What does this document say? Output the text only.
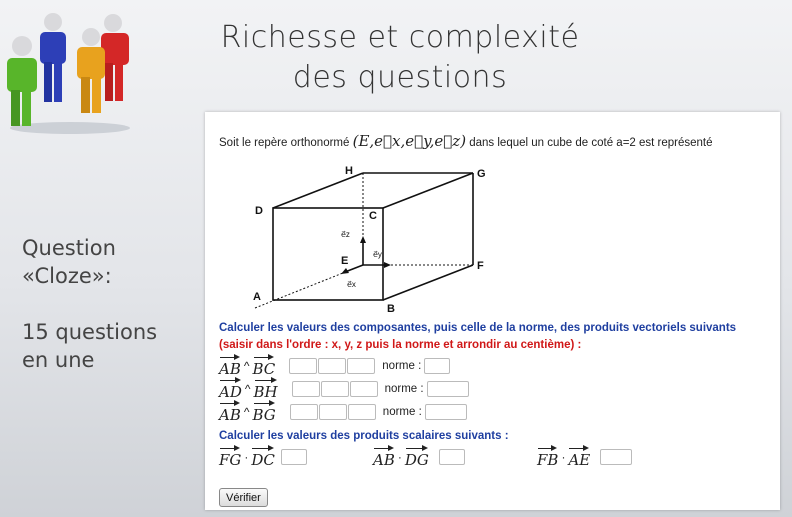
Richesse et complexité
des questions
Question
«Cloze»:
15 questions
en une
Soit le repère orthonormé (E,e⃗x,e⃗y,e⃗z) dans lequel un cube de coté a=2 est représenté
A
B
C
D
E	F
G
H
e⃗z
e⃗y
e⃗x
Calculer les valeurs des composantes, puis celle de la norme, des produits vectoriels suivants
(saisir dans l'ordre : x, y, z puis la norme et arrondir au centième) :
AB ^ BC	norme :
AD ^ BH	norme :
AB ^ BG	norme :
Calculer les valeurs des produits scalaires suivants :
FG · DC	AB · DG	FB · AE
Vérifier
